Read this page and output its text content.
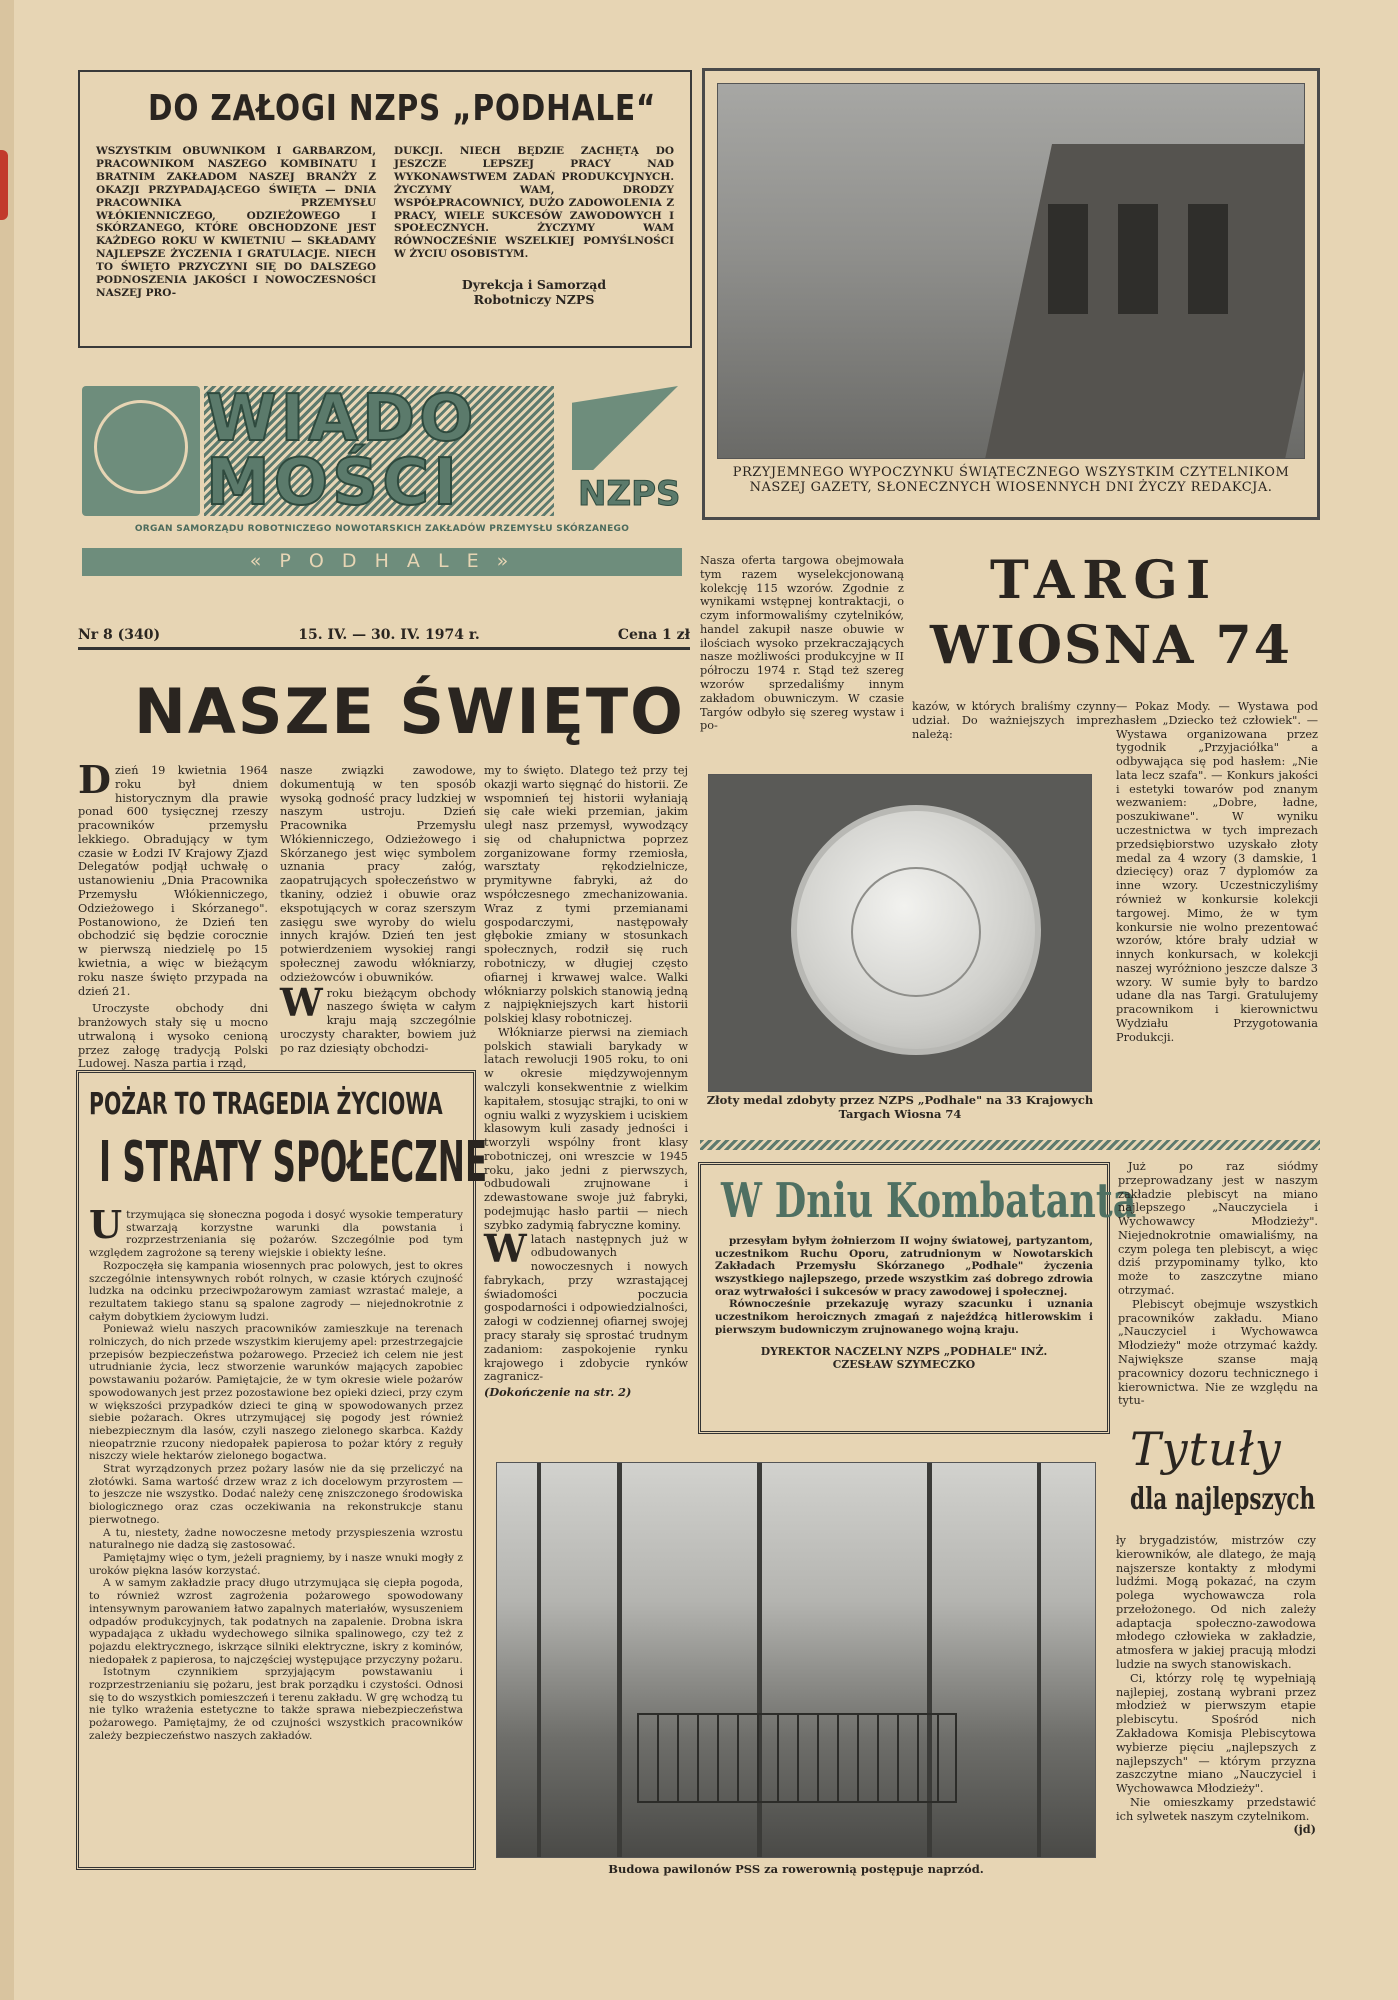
DO ZAŁOGI NZPS „PODHALE“
WSZYSTKIM OBUWNIKOM I GARBARZOM, PRACOWNIKOM NASZEGO KOMBINATU I BRATNIM ZAKŁADOM NASZEJ BRANŻY Z OKAZJI PRZYPADAJĄCEGO ŚWIĘTA — DNIA PRACOWNIKA PRZEMYSŁU WŁÓKIENNICZEGO, ODZIEŻOWEGO I SKÓRZANEGO, KTÓRE OBCHODZONE JEST KAŻDEGO ROKU W KWIETNIU — SKŁADAMY NAJLEPSZE ŻYCZENIA I GRATULACJE. NIECH TO ŚWIĘTO PRZYCZYNI SIĘ DO DALSZEGO PODNOSZENIA JAKOŚCI I NOWOCZESNOŚCI NASZEJ PRO-
DUKCJI. NIECH BĘDZIE ZACHĘTĄ DO JESZCZE LEPSZEJ PRACY NAD WYKONAWSTWEM ZADAŃ PRODUKCYJNYCH. ŻYCZYMY WAM, DRODZY WSPÓŁPRACOWNICY, DUŻO ZADOWOLENIA Z PRACY, WIELE SUKCESÓW ZAWODOWYCH I SPOŁECZNYCH. ŻYCZYMY WAM RÓWNOCZEŚNIE WSZELKIEJ POMYŚLNOŚCI W ŻYCIU OSOBISTYM.
Dyrekcja i Samorząd Robotniczy NZPS
WIADO
MOŚCI	NZPS
ORGAN SAMORZĄDU ROBOTNICZEGO NOWOTARSKICH ZAKŁADÓW PRZEMYSŁU SKÓRZANEGO
« P O D H A L E »
Nr 8 (340)	15. IV. — 30. IV. 1974 r.	Cena 1 zł
PRZYJEMNEGO WYPOCZYNKU ŚWIĄTECZNEGO WSZYSTKIM CZYTELNIKOM NASZEJ GAZETY, SŁONECZNYCH WIOSENNYCH DNI ŻYCZY REDAKCJA.
NASZE ŚWIĘTO
D zień 19 kwietnia 1964 roku był dniem historycznym dla prawie ponad 600 tysięcznej rzeszy pracowników przemysłu lekkiego. Obradujący w tym czasie w Łodzi IV Krajowy Zjazd Delegatów podjął uchwałę o ustanowieniu „Dnia Pracownika Przemysłu Włókienniczego, Odzieżowego i Skórzanego". Postanowiono, że Dzień ten obchodzić się będzie corocznie w pierwszą niedzielę po 15 kwietnia, a więc w bieżącym roku nasze święto przypada na dzień 21.

Uroczyste obchody dni branżowych stały się u mocno utrwaloną i wysoko cenioną przez załogę tradycją Polski Ludowej. Nasza partia i rząd,

nasze związki zawodowe, dokumentują w ten sposób wysoką godność pracy ludzkiej w naszym ustroju. Dzień Pracownika Przemysłu Włókienniczego, Odzieżowego i Skórzanego jest więc symbolem uznania pracy załóg, zaopatrujących społeczeństwo w tkaniny, odzież i obuwie oraz ekspotujących w coraz szerszym zasięgu swe wyroby do wielu innych krajów. Dzień ten jest potwierdzeniem wysokiej rangi społecznej zawodu włókniarzy, odzieżowców i obuwników.

Wroku bieżącym obchody naszego święta w całym kraju mają szczególnie uroczysty charakter, bowiem już po raz dziesiąty obchodzi-

my to święto. Dlatego też przy tej okazji warto sięgnąć do historii. Ze wspomnień tej historii wyłaniają się całe wieki przemian, jakim uległ nasz przemysł, wywodzący się od chałupnictwa poprzez zorganizowane formy rzemiosła, warsztaty rękodzielnicze, prymitywne fabryki, aż do współczesnego zmechanizowania. Wraz z tymi przemianami gospodarczymi, następowały głębokie zmiany w stosunkach społecznych, rodził się ruch robotniczy, w długiej często ofiarnej i krwawej walce. Walki włókniarzy polskich stanowią jedną z najpiękniejszych kart historii polskiej klasy robotniczej.

Włókniarze pierwsi na ziemiach polskich stawiali barykady w latach rewolucji 1905 roku, to oni w okresie międzywojennym walczyli konsekwentnie z wielkim kapitałem, stosując strajki, to oni w ogniu walki z wyzyskiem i uciskiem klasowym kuli zasady jedności i tworzyli wspólny front klasy robotniczej, oni wreszcie w 1945 roku, jako jedni z pierwszych, odbudowali zrujnowane i zdewastowane swoje już fabryki, podejmując hasło partii — niech szybko zadymią fabryczne kominy.

Wlatach następnych już w odbudowanych nowoczesnych i nowych fabrykach, przy wzrastającej świadomości poczucia gospodarności i odpowiedzialności, załogi w codziennej ofiarnej swojej pracy starały się sprostać trudnym zadaniom: zaspokojenie rynku krajowego i zdobycie rynków zagranicz-

(Dokończenie na str. 2)

POŻAR TO TRAGEDIA ŻYCIOWA
I STRATY SPOŁECZNE

Utrzymująca się słoneczna pogoda i dosyć wysokie temperatury stwarzają korzystne warunki dla powstania i rozprzestrzeniania się pożarów. Szczególnie pod tym względem zagrożone są tereny wiejskie i obiekty leśne.

Rozpoczęła się kampania wiosennych prac polowych, jest to okres szczególnie intensywnych robót rolnych, w czasie których czujność ludzka na odcinku przeciwpożarowym zamiast wzrastać maleje, a rezultatem takiego stanu są spalone zagrody — niejednokrotnie z całym dobytkiem życiowym ludzi.

Ponieważ wielu naszych pracowników zamieszkuje na terenach rolniczych, do nich przede wszystkim kierujemy apel: przestrzegajcie przepisów bezpieczeństwa pożarowego. Przecież ich celem nie jest utrudnianie życia, lecz stworzenie warunków mających zapobiec powstawaniu pożarów. Pamiętajcie, że w tym okresie wiele pożarów spowodowanych jest przez pozostawione bez opieki dzieci, przy czym w większości przypadków dzieci te giną w spowodowanych przez siebie pożarach. Okres utrzymującej się pogody jest również niebezpiecznym dla lasów, czyli naszego zielonego skarbca. Każdy nieopatrznie rzucony niedopałek papierosa to pożar który z reguły niszczy wiele hektarów zielonego bogactwa.

Strat wyrządzonych przez pożary lasów nie da się przeliczyć na złotówki. Sama wartość drzew wraz z ich docelowym przyrostem — to jeszcze nie wszystko. Dodać należy cenę zniszczonego środowiska biologicznego oraz czas oczekiwania na rekonstrukcje stanu pierwotnego.

A tu, niestety, żadne nowoczesne metody przyspieszenia wzrostu naturalnego nie dadzą się zastosować.

Pamiętajmy więc o tym, jeżeli pragniemy, by i nasze wnuki mogły z uroków piękna lasów korzystać.

A w samym zakładzie pracy długo utrzymująca się ciepła pogoda, to również wzrost zagrożenia pożarowego spowodowany intensywnym parowaniem łatwo zapalnych materiałów, wysuszeniem odpadów produkcyjnych, tak podatnych na zapalenie. Drobna iskra wypadająca z układu wydechowego silnika spalinowego, czy też z pojazdu elektrycznego, iskrzące silniki elektryczne, iskry z kominów, niedopałek z papierosa, to najczęściej występujące przyczyny pożaru.

Istotnym czynnikiem sprzyjającym powstawaniu i rozprzestrzenianiu się pożaru, jest brak porządku i czystości. Odnosi się to do wszystkich pomieszczeń i terenu zakładu. W grę wchodzą tu nie tylko wrażenia estetyczne to także sprawa niebezpieczeństwa pożarowego. Pamiętajmy, że od czujności wszystkich pracowników zależy bezpieczeństwo naszych zakładów.

Nasza oferta targowa obejmowała tym razem wyselekcjonowaną kolekcję 115 wzorów. Zgodnie z wynikami wstępnej kontraktacji, o czym informowaliśmy czytelników, handel zakupił nasze obuwie w ilościach wysoko przekraczających nasze możliwości produkcyjne w II półroczu 1974 r. Stąd też szereg wzorów sprzedaliśmy innym zakładom obuwniczym. W czasie Targów odbyło się szereg wystaw i po-
TARGI
WIOSNA 74
kazów, w których braliśmy czynny udział. Do ważniejszych imprez należą:
— Pokaz Mody. — Wystawa pod hasłem „Dziecko też człowiek". — Wystawa organizowana przez tygodnik „Przyjaciółka" a odbywająca się pod hasłem: „Nie lata lecz szafa". — Konkurs jakości i estetyki towarów pod znanym wezwaniem: „Dobre, ładne, poszukiwane". W wyniku uczestnictwa w tych imprezach przedsiębiorstwo uzyskało złoty medal za 4 wzory (3 damskie, 1 dziecięcy) oraz 7 dyplomów za inne wzory. Uczestniczyliśmy również w konkursie kolekcji targowej. Mimo, że w tym konkursie nie wolno prezentować wzorów, które brały udział w innych konkursach, w kolekcji naszej wyróżniono jeszcze dalsze 3 wzory. W sumie były to bardzo udane dla nas Targi. Gratulujemy pracownikom i kierownictwu Wydziału Przygotowania Produkcji.
Złoty medal zdobyty przez NZPS „Podhale" na 33 Krajowych Targach Wiosna 74
W Dniu Kombatanta

przesyłam byłym żołnierzom II wojny światowej, partyzantom, uczestnikom Ruchu Oporu, zatrudnionym w Nowotarskich Zakładach Przemysłu Skórzanego „Podhale" życzenia wszystkiego najlepszego, przede wszystkim zaś dobrego zdrowia oraz wytrwałości i sukcesów w pracy zawodowej i społecznej.

Równocześnie przekazuję wyrazy szacunku i uznania uczestnikom heroicznych zmagań z najeźdźcą hitlerowskim i pierwszym budowniczym zrujnowanego wojną kraju.

DYREKTOR NACZELNY NZPS „PODHALE" INŻ. CZESŁAW SZYMECZKO

Już po raz siódmy przeprowadzany jest w naszym zakładzie plebiscyt na miano najlepszego „Nauczyciela i Wychowawcy Młodzieży". Niejednokrotnie omawialiśmy, na czym polega ten plebiscyt, a więc dziś przypominamy tylko, kto może to zaszczytne miano otrzymać.

Plebiscyt obejmuje wszystkich pracowników zakładu. Miano „Nauczyciel i Wychowawca Młodzieży" może otrzymać każdy. Największe szanse mają pracownicy dozoru technicznego i kierownictwa. Nie ze względu na tytu-

Tytuły
dla najlepszych

ły brygadzistów, mistrzów czy kierowników, ale dlatego, że mają najszersze kontakty z młodymi ludźmi. Mogą pokazać, na czym polega wychowawcza rola przełożonego. Od nich zależy adaptacja społeczno-zawodowa młodego człowieka w zakładzie, atmosfera w jakiej pracują młodzi ludzie na swych stanowiskach.

Ci, którzy rolę tę wypełniają najlepiej, zostaną wybrani przez młodzież w pierwszym etapie plebiscytu. Spośród nich Zakładowa Komisja Plebiscytowa wybierze pięciu „najlepszych z najlepszych" — którym przyzna zaszczytne miano „Nauczyciel i Wychowawca Młodzieży".

Nie omieszkamy przedstawić ich sylwetek naszym czytelnikom.

(jd)

Budowa pawilonów PSS za rowerownią postępuje naprzód.
